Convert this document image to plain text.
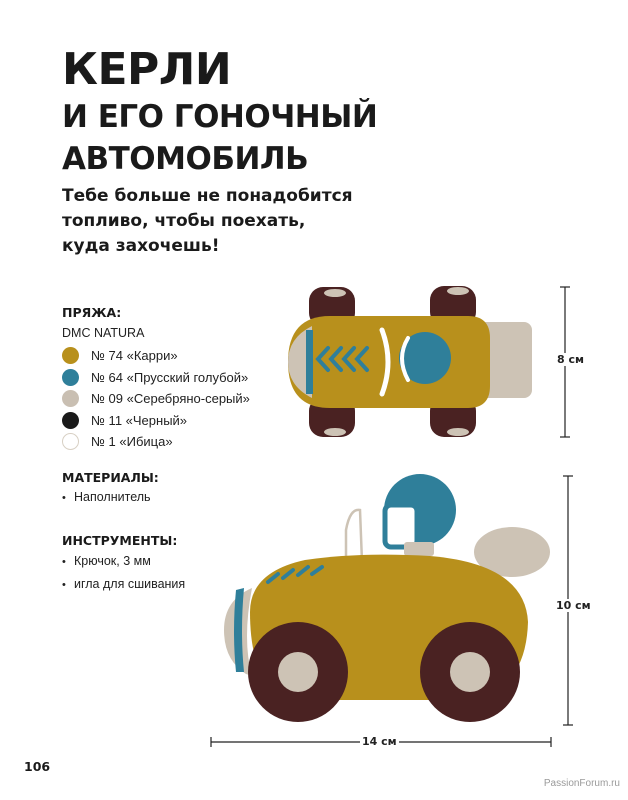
КЕРЛИ
И ЕГО ГОНОЧНЫЙ
АВТОМОБИЛЬ
Тебе больше не понадобится
топливо, чтобы поехать,
куда захочешь!
ПРЯЖА:
DMC NATURA
№ 74 «Карри»
№ 64 «Прусский голубой»
№ 09 «Серебряно-серый»
№ 11 «Черный»
№ 1 «Ибица»
МАТЕРИАЛЫ:
• Наполнитель
ИНСТРУМЕНТЫ:
• Крючок, 3 мм
• игла для сшивания
8 см
10 см
14 см
106
PassionForum.ru
